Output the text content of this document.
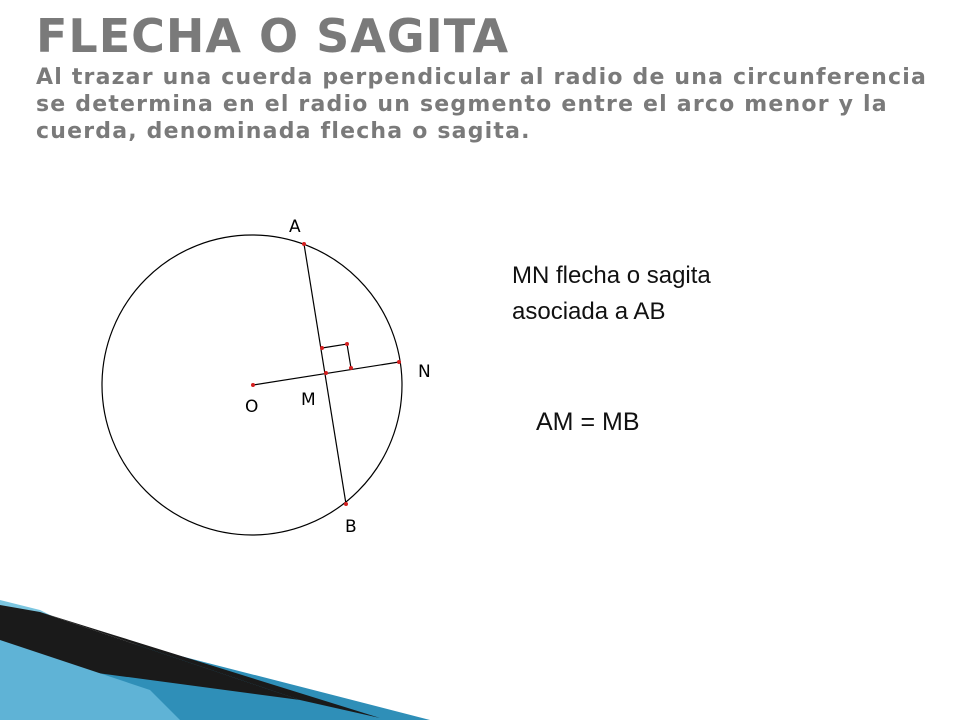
FLECHA O SAGITA
Al trazar una cuerda perpendicular al radio de una circunferencia se determina en el radio un segmento entre el arco menor y la cuerda, denominada flecha o sagita.
A
B
O	M
N
MN flecha o sagita
asociada a AB
AM = MB
